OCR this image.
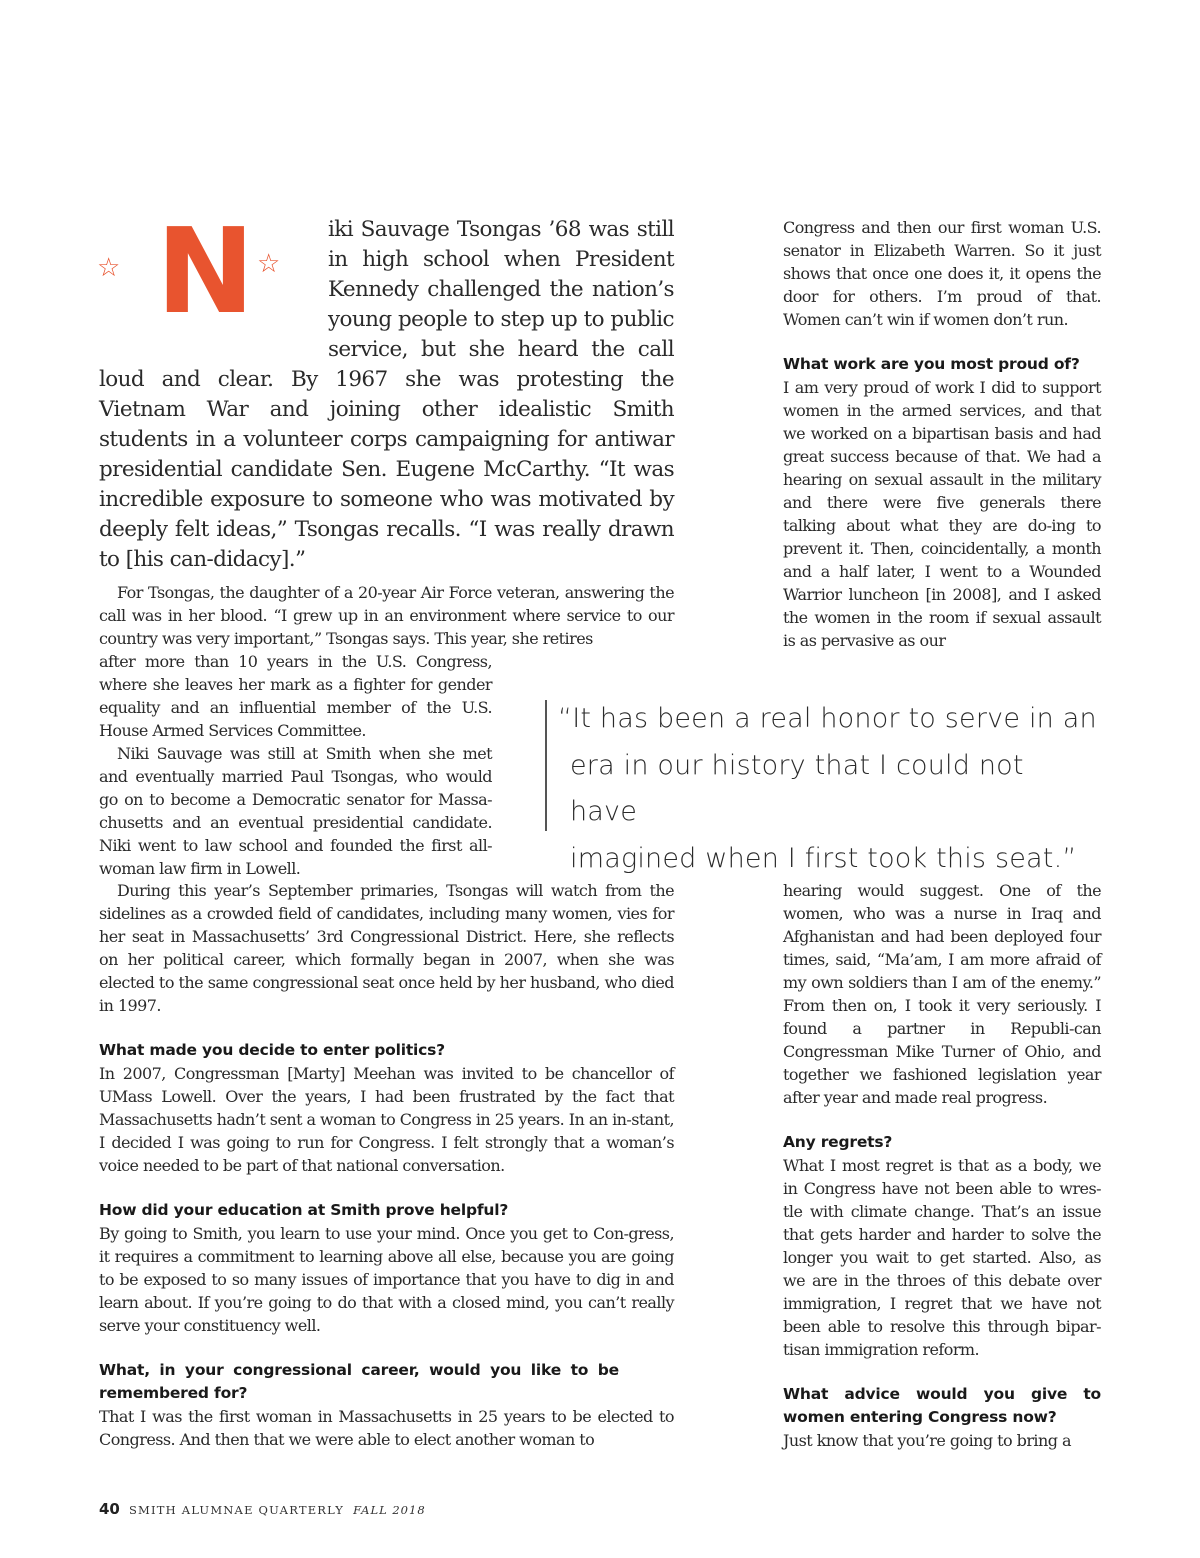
☆ N ☆
iki Sauvage Tsongas ’68 was still
in high school when President
Kennedy challenged the nation’s
young people to step up to public
service, but she heard the call
loud and clear. By 1967 she was protesting the Vietnam War and joining other idealistic Smith students in a volunteer corps campaigning for antiwar presidential candidate Sen. Eugene McCarthy. “It was incredible exposure to someone who was motivated by deeply felt ideas,” Tsongas recalls. “I was really drawn to [his can-didacy].”

For Tsongas, the daughter of a 20-year Air Force veteran, answering the call was in her blood. “I grew up in an environment where service to our country was very important,” Tsongas says. This year, she retires

after more than 10 years in the U.S. Congress, where she leaves her mark as a fighter for gender equality and an influential member of the U.S. House Armed Services Committee.

Niki Sauvage was still at Smith when she met and eventually married Paul Tsongas, who would go on to become a Democratic senator for Massa-chusetts and an eventual presidential candidate. Niki went to law school and founded the first all-woman law firm in Lowell.

During this year’s September primaries, Tsongas will watch from the sidelines as a crowded field of candidates, including many women, vies for her seat in Massachusetts’ 3rd Congressional District. Here, she reflects on her political career, which formally began in 2007, when she was elected to the same congressional seat once held by her husband, who died in 1997.

What made you decide to enter politics?

In 2007, Congressman [Marty] Meehan was invited to be chancellor of UMass Lowell. Over the years, I had been frustrated by the fact that Massachusetts hadn’t sent a woman to Congress in 25 years. In an in-stant, I decided I was going to run for Congress. I felt strongly that a woman’s voice needed to be part of that national conversation.

How did your education at Smith prove helpful?

By going to Smith, you learn to use your mind. Once you get to Con-gress, it requires a commitment to learning above all else, because you are going to be exposed to so many issues of importance that you have to dig in and learn about. If you’re going to do that with a closed mind, you can’t really serve your constituency well.

What, in your congressional career, would you like to be remembered for?

That I was the first woman in Massachusetts in 25 years to be elected to Congress. And then that we were able to elect another woman to

Congress and then our first woman U.S. senator in Elizabeth Warren. So it just shows that once one does it, it opens the door for others. I’m proud of that. Women can’t win if women don’t run.

What work are you most proud of?

I am very proud of work I did to support women in the armed services, and that we worked on a bipartisan basis and had great success because of that. We had a hearing on sexual assault in the military and there were five generals there talking about what they are do-ing to prevent it. Then, coincidentally, a month and a half later, I went to a Wounded Warrior luncheon [in 2008], and I asked the women in the room if sexual assault is as pervasive as our

“It has been a real honor to serve in an
era in our history that I could not have
imagined when I first took this seat.”

hearing would suggest. One of the women, who was a nurse in Iraq and Afghanistan and had been deployed four times, said, “Ma’am, I am more afraid of my own soldiers than I am of the enemy.” From then on, I took it very seriously. I found a partner in Republi-can Congressman Mike Turner of Ohio, and together we fashioned legislation year after year and made real progress.

Any regrets?

What I most regret is that as a body, we in Congress have not been able to wres-tle with climate change. That’s an issue that gets harder and harder to solve the longer you wait to get started. Also, as we are in the throes of this debate over immigration, I regret that we have not been able to resolve this through bipar-tisan immigration reform.

What advice would you give to women entering Congress now?

Just know that you’re going to bring a

40 SMITH ALUMNAE QUARTERLY FALL 2018
